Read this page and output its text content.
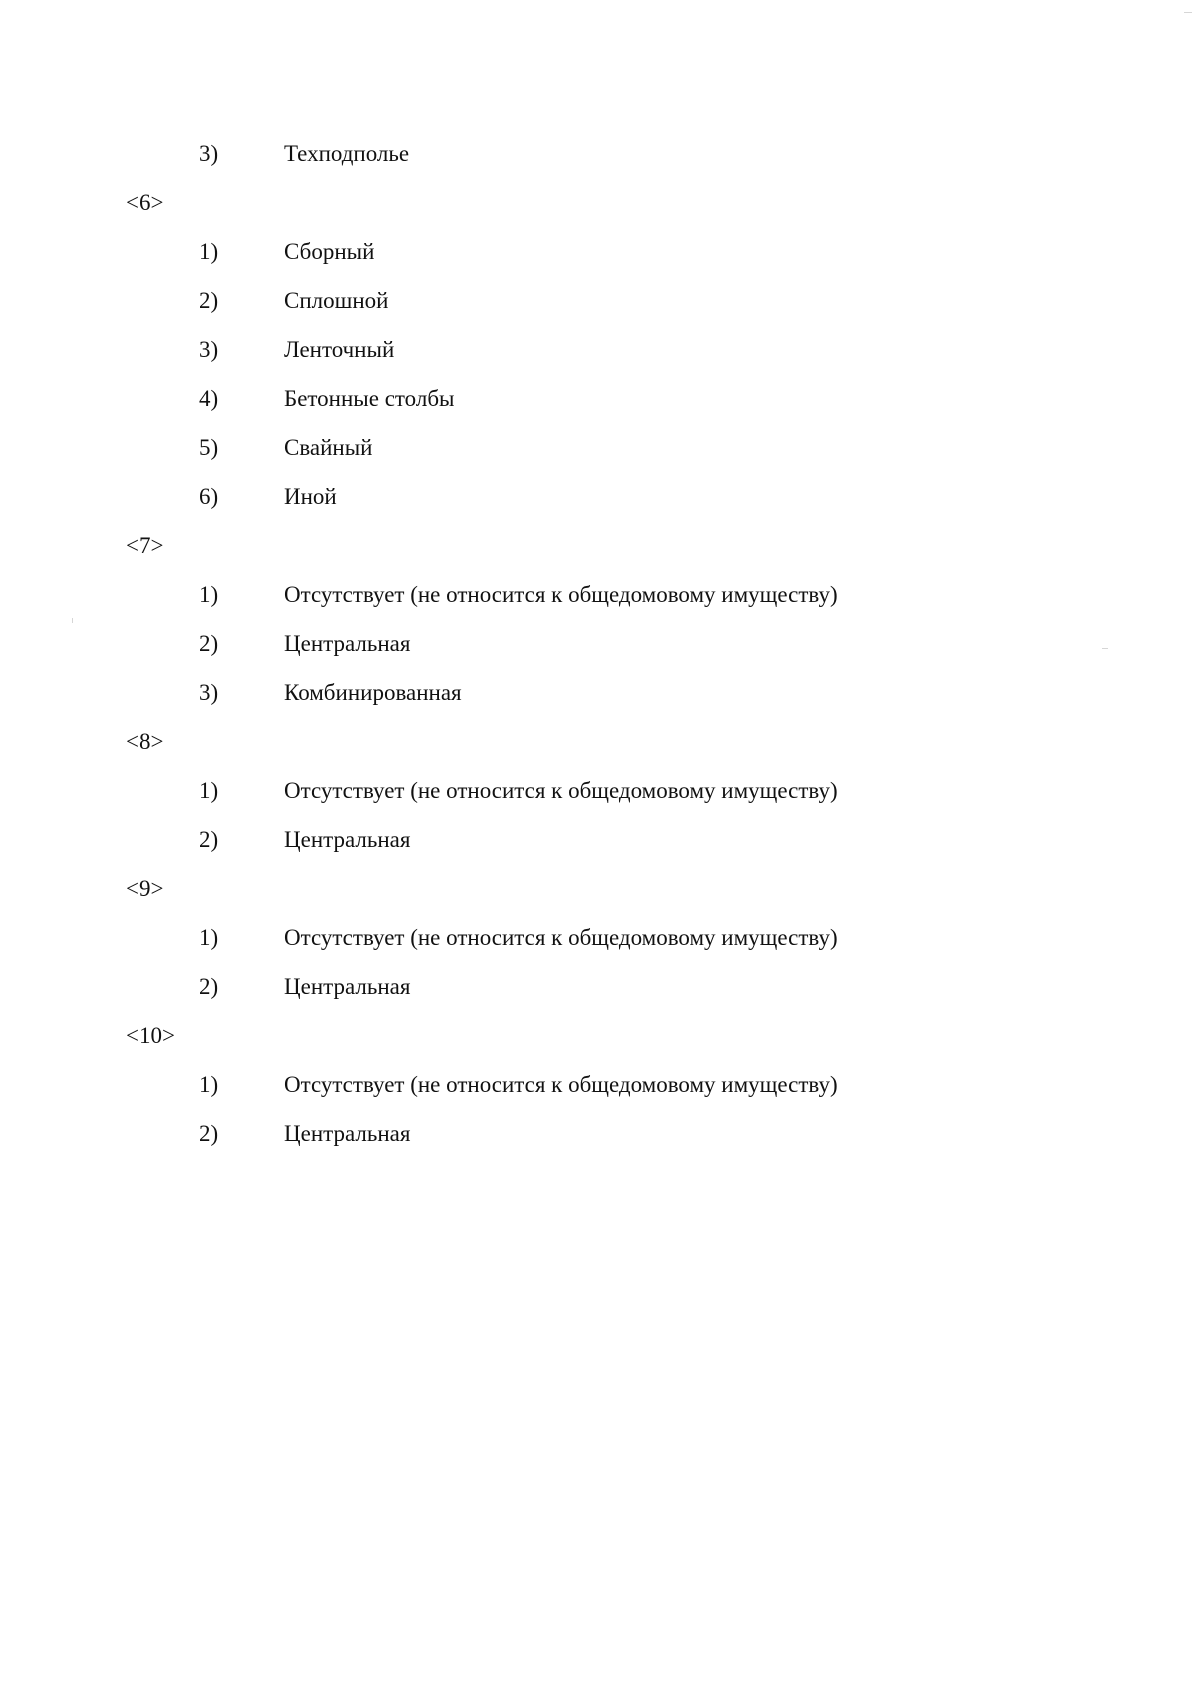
3)	Техподполье
<6>
1)	Сборный
2)	Сплошной
3)	Ленточный
4)	Бетонные столбы
5)	Свайный
6)	Иной
<7>
1)	Отсутствует (не относится к общедомовому имуществу)
2)	Центральная
3)	Комбинированная
<8>
1)	Отсутствует (не относится к общедомовому имуществу)
2)	Центральная
<9>
1)	Отсутствует (не относится к общедомовому имуществу)
2)	Центральная
<10>
1)	Отсутствует (не относится к общедомовому имуществу)
2)	Центральная
